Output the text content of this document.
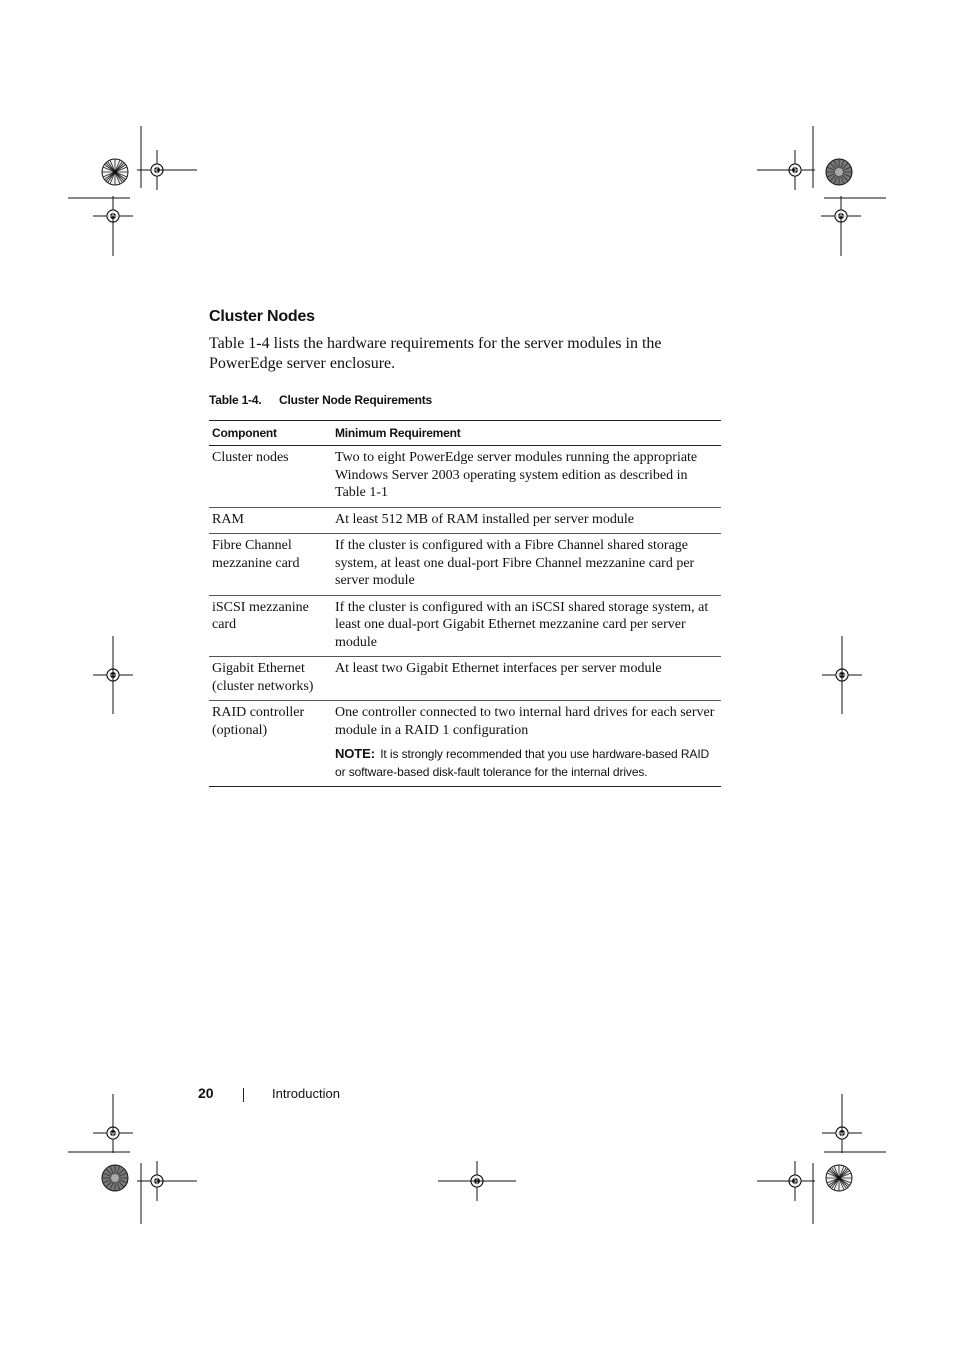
Cluster Nodes

Table 1-4 lists the hardware requirements for the server modules in the PowerEdge server enclosure.

Table 1-4. Cluster Node Requirements

Component	Minimum Requirement
Cluster nodes	Two to eight PowerEdge server modules running the appropriate Windows Server 2003 operating system edition as described in Table 1-1
RAM	At least 512 MB of RAM installed per server module
Fibre Channel mezzanine card	If the cluster is configured with a Fibre Channel shared storage system, at least one dual-port Fibre Channel mezzanine card per server module
iSCSI mezzanine card	If the cluster is configured with an iSCSI shared storage system, at least one dual-port Gigabit Ethernet mezzanine card per server module
Gigabit Ethernet (cluster networks)	At least two Gigabit Ethernet interfaces per server module
RAID controller (optional)	One controller connected to two internal hard drives for each server module in a RAID 1 configuration
NOTE: It is strongly recommended that you use hardware-based RAID or software-based disk-fault tolerance for the internal drives.
20	Introduction
